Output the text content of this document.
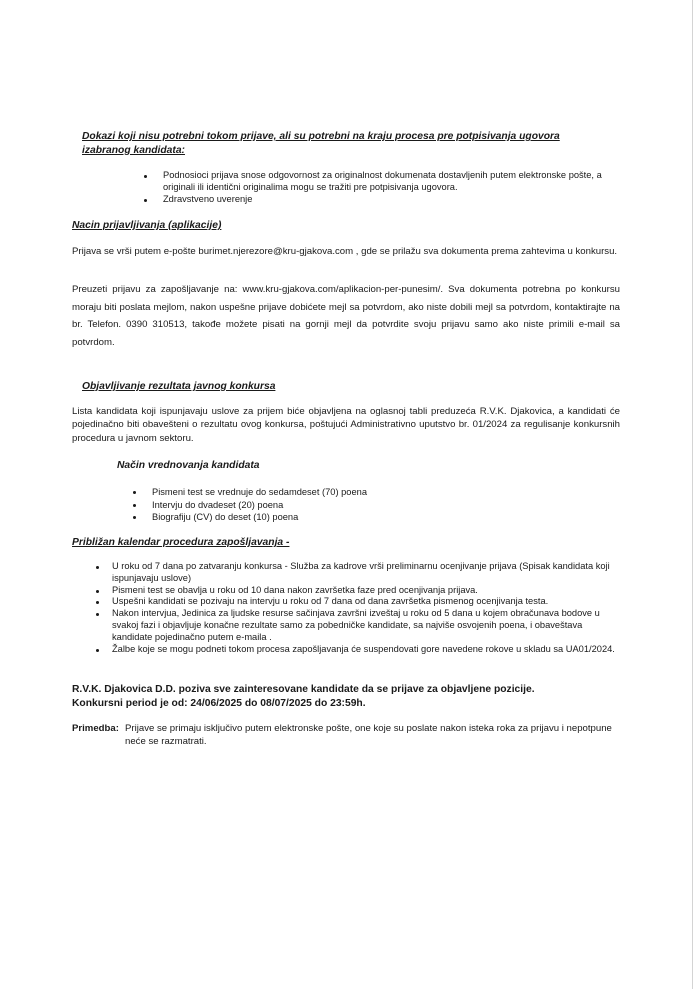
Dokazi koji nisu potrebni tokom prijave, ali su potrebni na kraju procesa pre potpisivanja ugovora
izabranog kandidata:
Podnosioci prijava snose odgovornost za originalnost dokumenata dostavljenih putem elektronske pošte, a originali ili identični originalima mogu se tražiti pre potpisivanja ugovora.
Zdravstveno uverenje
Nacin prijavljivanja (aplikacije)
Prijava se vrši putem e-pošte burimet.njerezore@kru-gjakova.com , gde se prilažu sva dokumenta prema zahtevima u konkursu.
Preuzeti prijavu za zapošljavanje na: www.kru-gjakova.com/aplikacion-per-punesim/. Sva dokumenta potrebna po konkursu moraju biti poslata mejlom, nakon uspešne prijave dobićete mejl sa potvrdom, ako niste dobili mejl sa potvrdom, kontaktirajte na br. Telefon. 0390 310513, takođe možete pisati na gornji mejl da potvrdite svoju prijavu samo ako niste primili e-mail sa potvrdom.
Objavljivanje rezultata javnog konkursa
Lista kandidata koji ispunjavaju uslove za prijem biće objavljena na oglasnoj tabli preduzeća R.V.K. Djakovica, a kandidati će pojedinačno biti obavešteni o rezultatu ovog konkursa, poštujući Administrativno uputstvo br. 01/2024 za regulisanje konkursnih procedura u javnom sektoru.
Način vrednovanja kandidata
Pismeni test se vrednuje do sedamdeset (70) poena
Intervju do dvadeset (20) poena
Biografiju (CV) do deset (10) poena
Približan kalendar procedura zapošljavanja -
U roku od 7 dana po zatvaranju konkursa - Služba za kadrove vrši preliminarnu ocenjivanje prijava (Spisak kandidata koji ispunjavaju uslove)
Pismeni test se obavlja u roku od 10 dana nakon završetka faze pred ocenjivanja prijava.
Uspešni kandidati se pozivaju na intervju u roku od 7 dana od dana završetka pismenog ocenjivanja testa.
Nakon intervjua, Jedinica za ljudske resurse sačinjava završni izveštaj u roku od 5 dana u kojem obračunava bodove u svakoj fazi i objavljuje konačne rezultate samo za pobedničke kandidate, sa najviše osvojenih poena, i obaveštava kandidate pojedinačno putem e-maila .
Žalbe koje se mogu podneti tokom procesa zapošljavanja će suspendovati gore navedene rokove u skladu sa UA01/2024.
R.V.K. Djakovica D.D. poziva sve zainteresovane kandidate da se prijave za objavljene pozicije.
Konkursni period je od: 24/06/2025 do 08/07/2025 do 23:59h.
Primedba: Prijave se primaju isključivo putem elektronske pošte, one koje su poslate nakon isteka roka za prijavu i nepotpune neće se razmatrati.
